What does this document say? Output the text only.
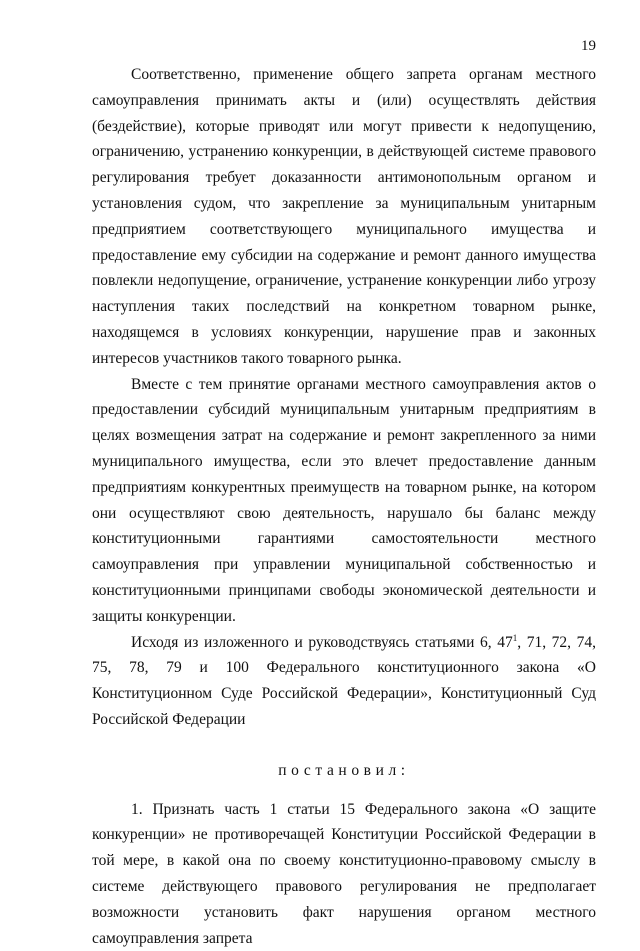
19

Соответственно, применение общего запрета органам местного самоуправления принимать акты и (или) осуществлять действия (бездействие), которые приводят или могут привести к недопущению, ограничению, устранению конкуренции, в действующей системе правового регулирования требует доказанности антимонопольным органом и установления судом, что закрепление за муниципальным унитарным предприятием соответствующего муниципального имущества и предоставление ему субсидии на содержание и ремонт данного имущества повлекли недопущение, ограничение, устранение конкуренции либо угрозу наступления таких последствий на конкретном товарном рынке, находящемся в условиях конкуренции, нарушение прав и законных интересов участников такого товарного рынка.

Вместе с тем принятие органами местного самоуправления актов о предоставлении субсидий муниципальным унитарным предприятиям в целях возмещения затрат на содержание и ремонт закрепленного за ними муниципального имущества, если это влечет предоставление данным предприятиям конкурентных преимуществ на товарном рынке, на котором они осуществляют свою деятельность, нарушало бы баланс между конституционными гарантиями самостоятельности местного самоуправления при управлении муниципальной собственностью и конституционными принципами свободы экономической деятельности и защиты конкуренции.

Исходя из изложенного и руководствуясь статьями 6, $47^1$, 71, 72, 74, 75, 78, 79 и 100 Федерального конституционного закона «О Конституционном Суде Российской Федерации», Конституционный Суд Российской Федерации

постановил:

1. Признать часть 1 статьи 15 Федерального закона «О защите конкуренции» не противоречащей Конституции Российской Федерации в той мере, в какой она по своему конституционно-правовому смыслу в системе действующего правового регулирования не предполагает возможности установить факт нарушения органом местного самоуправления запрета
